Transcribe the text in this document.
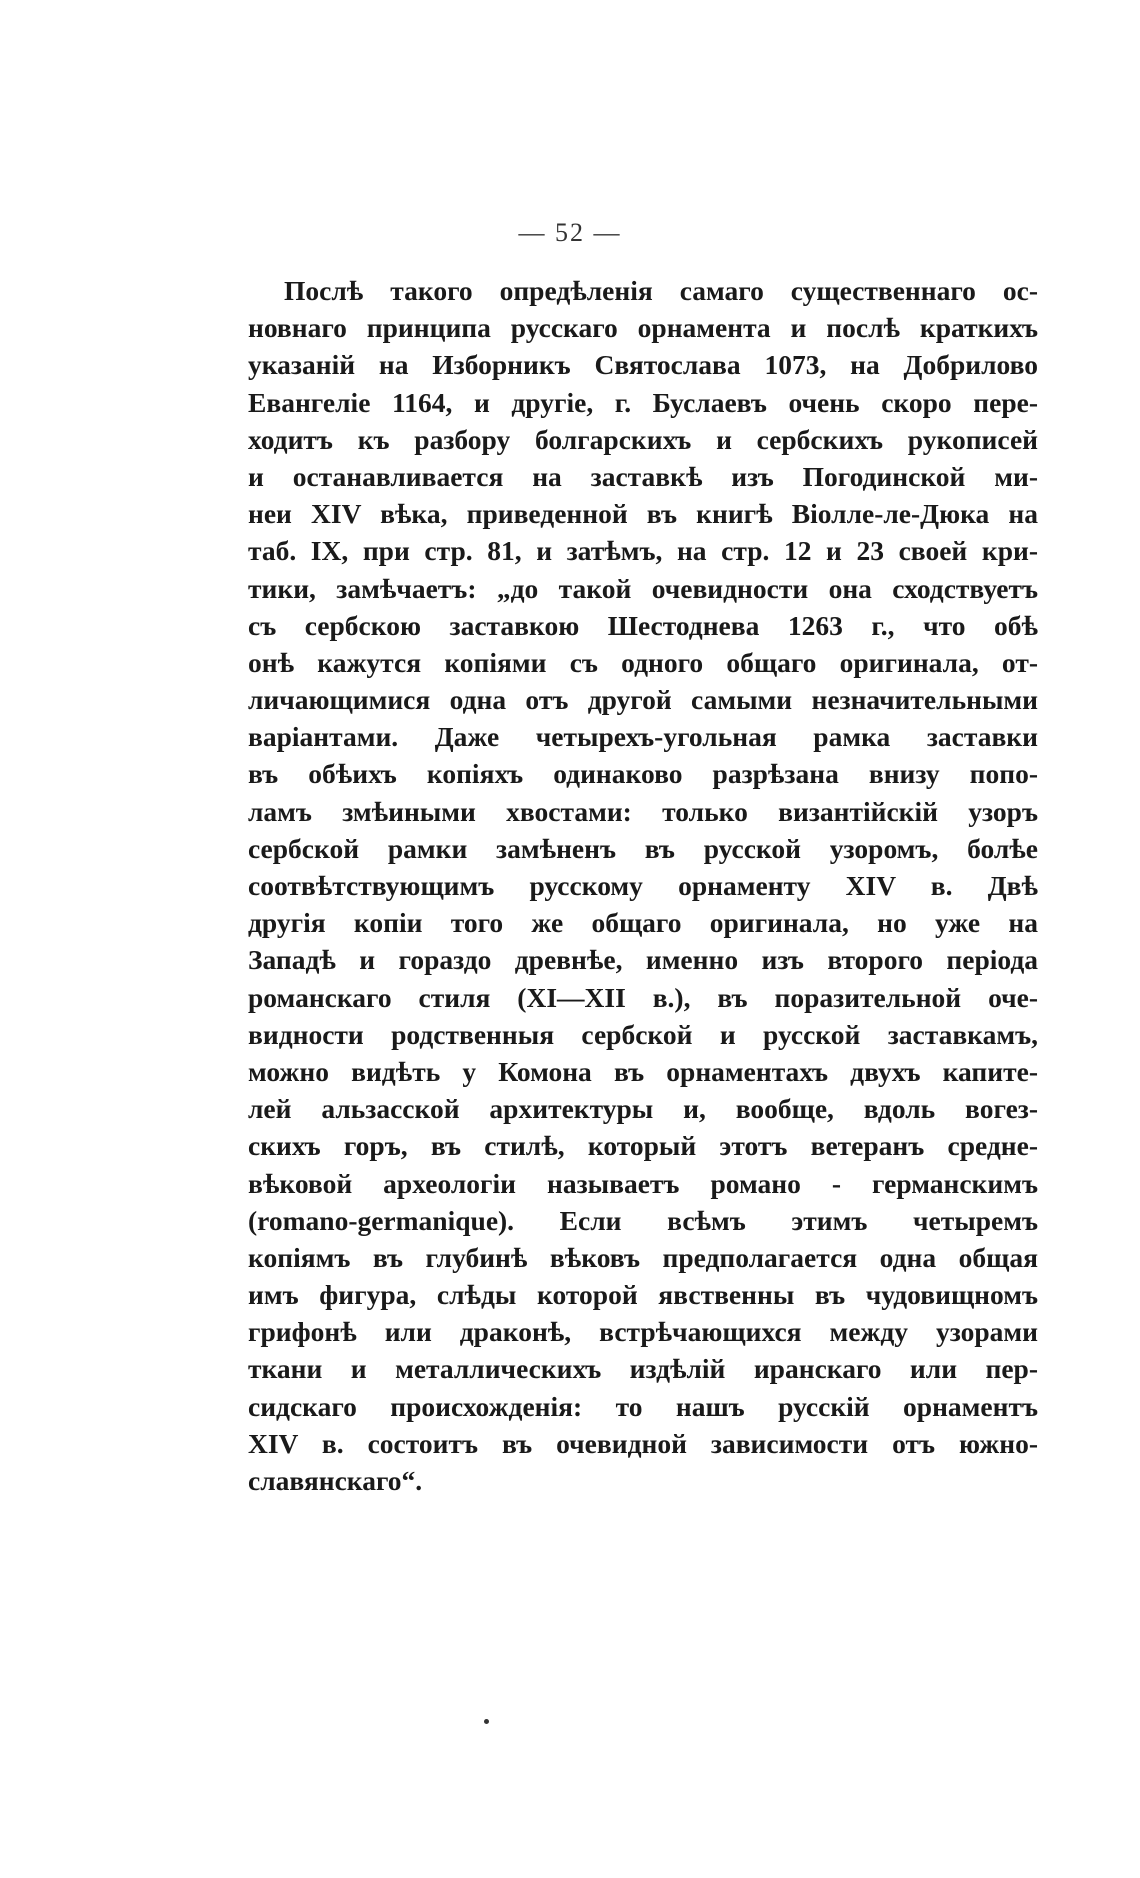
— 52 —
Послѣ такого опредѣленія самаго существеннаго ос-
новнаго принципа русскаго орнамента и послѣ краткихъ
указаній на Изборникъ Святослава 1073, на Добрилово
Евангеліе 1164, и другіе, г. Буслаевъ очень скоро пере-
ходитъ къ разбору болгарскихъ и сербскихъ рукописей
и останавливается на заставкѣ изъ Погодинской ми-
неи XIV вѣка, приведенной въ книгѣ Віолле-ле-Дюка на
таб. IX, при стр. 81, и затѣмъ, на стр. 12 и 23 своей кри-
тики, замѣчаетъ: „до такой очевидности она сходствуетъ
съ сербскою заставкою Шестоднева 1263 г., что обѣ
онѣ кажутся копіями съ одного общаго оригинала, от-
личающимися одна отъ другой самыми незначительными
варіантами. Даже четырехъ-угольная рамка заставки
въ обѣихъ копіяхъ одинаково разрѣзана внизу попо-
ламъ змѣиными хвостами: только византійскій узоръ
сербской рамки замѣненъ въ русской узоромъ, болѣе
соотвѣтствующимъ русскому орнаменту XIV в. Двѣ
другія копіи того же общаго оригинала, но уже на
Западѣ и гораздо древнѣе, именно изъ второго періода
романскаго стиля (XI—XII в.), въ поразительной оче-
видности родственныя сербской и русской заставкамъ,
можно видѣть у Комона въ орнаментахъ двухъ капите-
лей альзасской архитектуры и, вообще, вдоль вогез-
скихъ горъ, въ стилѣ, который этотъ ветеранъ средне-
вѣковой археологіи называетъ романо - германскимъ
(romano-germanique). Если всѣмъ этимъ четыремъ
копіямъ въ глубинѣ вѣковъ предполагается одна общая
имъ фигура, слѣды которой явственны въ чудовищномъ
грифонѣ или драконѣ, встрѣчающихся между узорами
ткани и металлическихъ издѣлій иранскаго или пер-
сидскаго происхожденія: то нашъ русскій орнаментъ
XIV в. состоитъ въ очевидной зависимости отъ южно-
славянскаго“.
